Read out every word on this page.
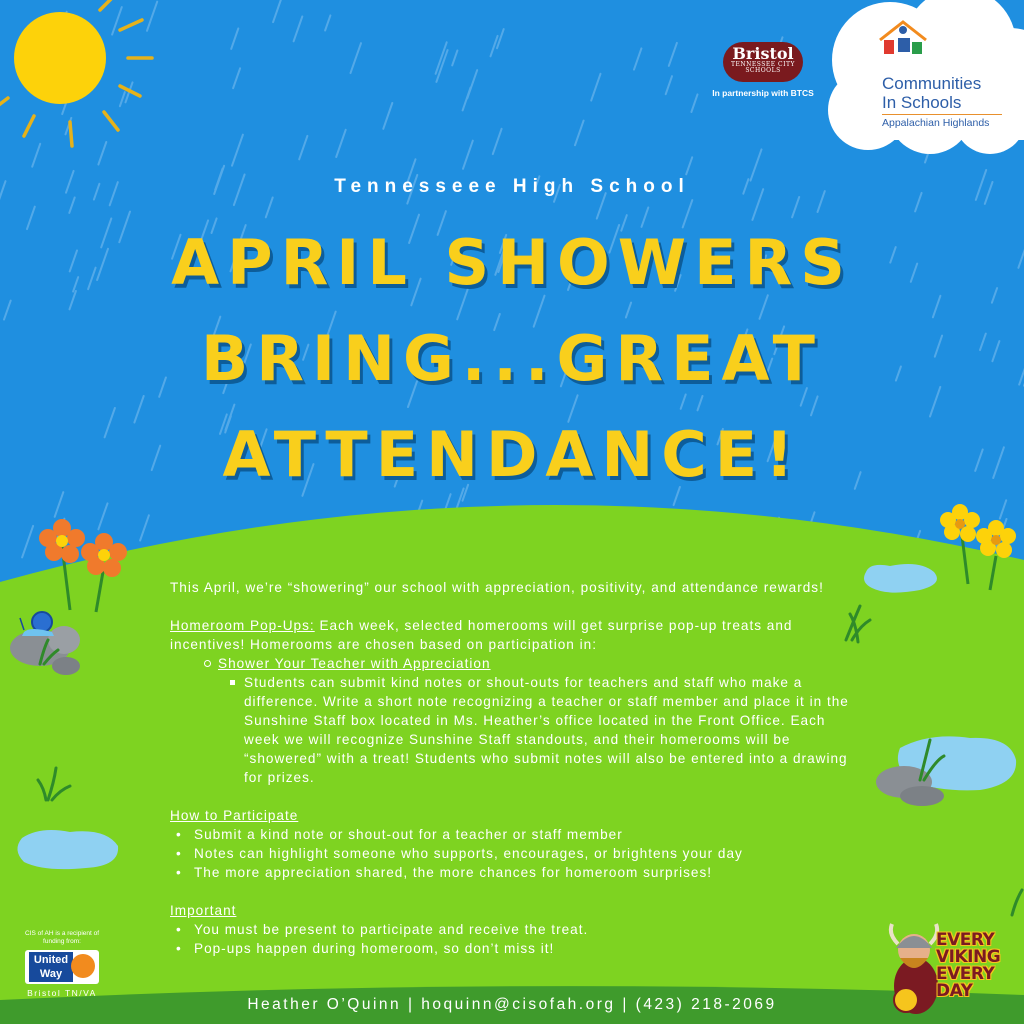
Bristol
TENNESSEE CITY SCHOOLS
In partnership with BTCS	Communities
In Schools
Appalachian Highlands
Tennesseee High School
APRIL SHOWERS
BRING...GREAT
ATTENDANCE!

This April, we’re “showering” our school with appreciation, positivity, and attendance rewards!

Homeroom Pop-Ups: Each week, selected homerooms will get surprise pop-up treats and incentives! Homerooms are chosen based on participation in:

Shower Your Teacher with Appreciation
Students can submit kind notes or shout-outs for teachers and staff who make a difference. Write a short note recognizing a teacher or staff member and place it in the Sunshine Staff box located in Ms. Heather’s office located in the Front Office. Each week we will recognize Sunshine Staff standouts, and their homerooms will be “showered” with a treat! Students who submit notes will also be entered into a drawing for prizes.

How to Participate

• Submit a kind note or shout-out for a teacher or staff member
• Notes can highlight someone who supports, encourages, or brightens your day
• The more appreciation shared, the more chances for homeroom surprises!

Important

• You must be present to participate and receive the treat.
• Pop-ups happen during homeroom, so don’t miss it!
CIS of AH is a recipient of funding from:
United Way
Bristol TN/VA
EVERY
VIKING
EVERY
DAY
Heather O’Quinn | hoquinn@cisofah.org | (423) 218-2069
